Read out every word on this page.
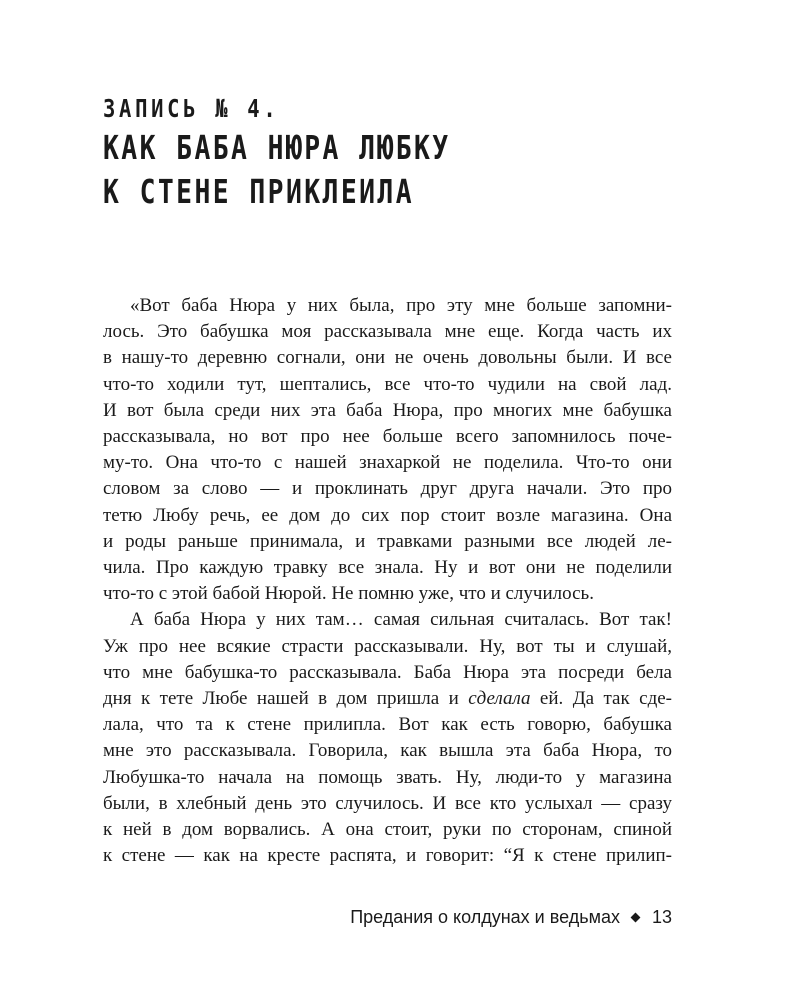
ЗАПИСЬ № 4.
КАК БАБА НЮРА ЛЮБКУ
К СТЕНЕ ПРИКЛЕИЛА
«Вот баба Нюра у них была, про эту мне больше запомни-
лось. Это бабушка моя рассказывала мне еще. Когда часть их
в нашу-то деревню согнали, они не очень довольны были. И все
что-то ходили тут, шептались, все что-то чудили на свой лад.
И вот была среди них эта баба Нюра, про многих мне бабушка
рассказывала, но вот про нее больше всего запомнилось поче-
му-то. Она что-то с нашей знахаркой не поделила. Что-то они
словом за слово — и проклинать друг друга начали. Это про
тетю Любу речь, ее дом до сих пор стоит возле магазина. Она
и роды раньше принимала, и травками разными все людей ле-
чила. Про каждую травку все знала. Ну и вот они не поделили
что-то с этой бабой Нюрой. Не помню уже, что и случилось.
А баба Нюра у них там… самая сильная считалась. Вот так!
Уж про нее всякие страсти рассказывали. Ну, вот ты и слушай,
что мне бабушка-то рассказывала. Баба Нюра эта посреди бела
дня к тете Любе нашей в дом пришла и сделала ей. Да так сде-
лала, что та к стене прилипла. Вот как есть говорю, бабушка
мне это рассказывала. Говорила, как вышла эта баба Нюра, то
Любушка-то начала на помощь звать. Ну, люди-то у магазина
были, в хлебный день это случилось. И все кто услыхал — сразу
к ней в дом ворвались. А она стоит, руки по сторонам, спиной
к стене — как на кресте распята, и говорит: “Я к стене прилип-
Предания о колдунах и ведьмах 13
